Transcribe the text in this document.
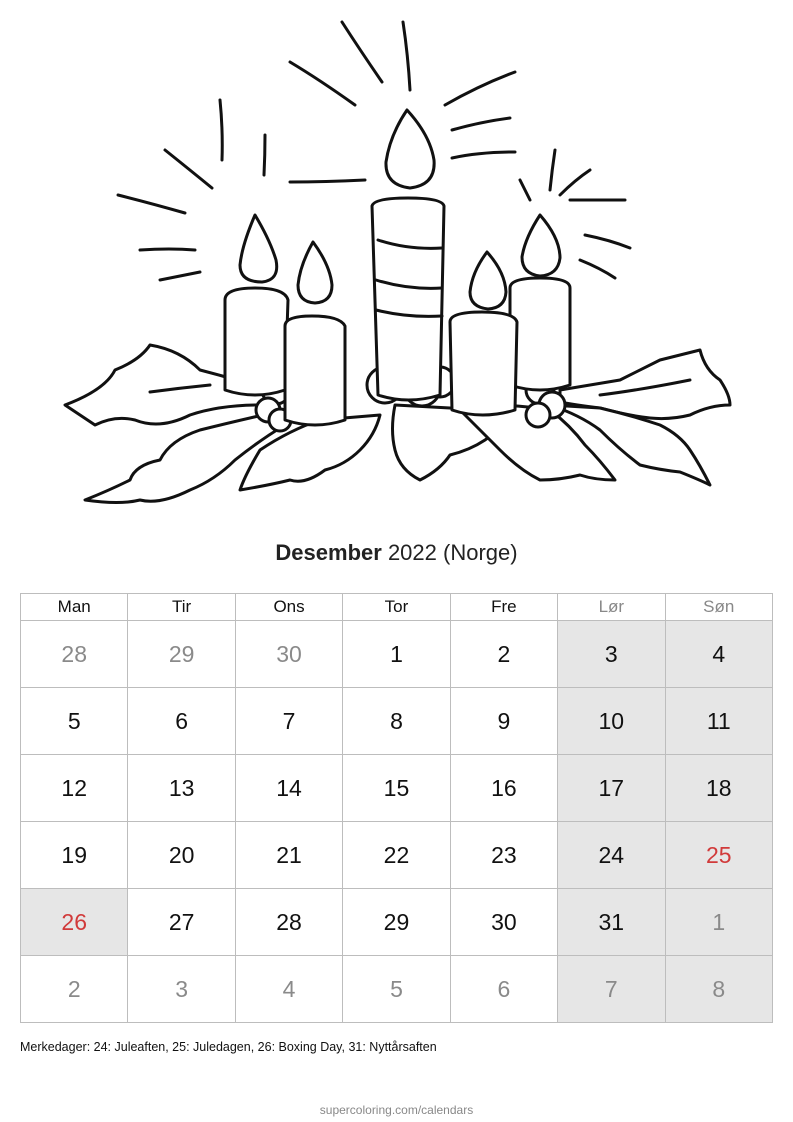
Desember 2022 (Norge)
Man	Tir	Ons	Tor	Fre	Lør	Søn
28	29	30	1	2	3	4
5	6	7	8	9	10	11
12	13	14	15	16	17	18
19	20	21	22	23	24	25
26	27	28	29	30	31	1
2	3	4	5	6	7	8
Merkedager: 24: Juleaften, 25: Juledagen, 26: Boxing Day, 31: Nyttårsaften
supercoloring.com/calendars
